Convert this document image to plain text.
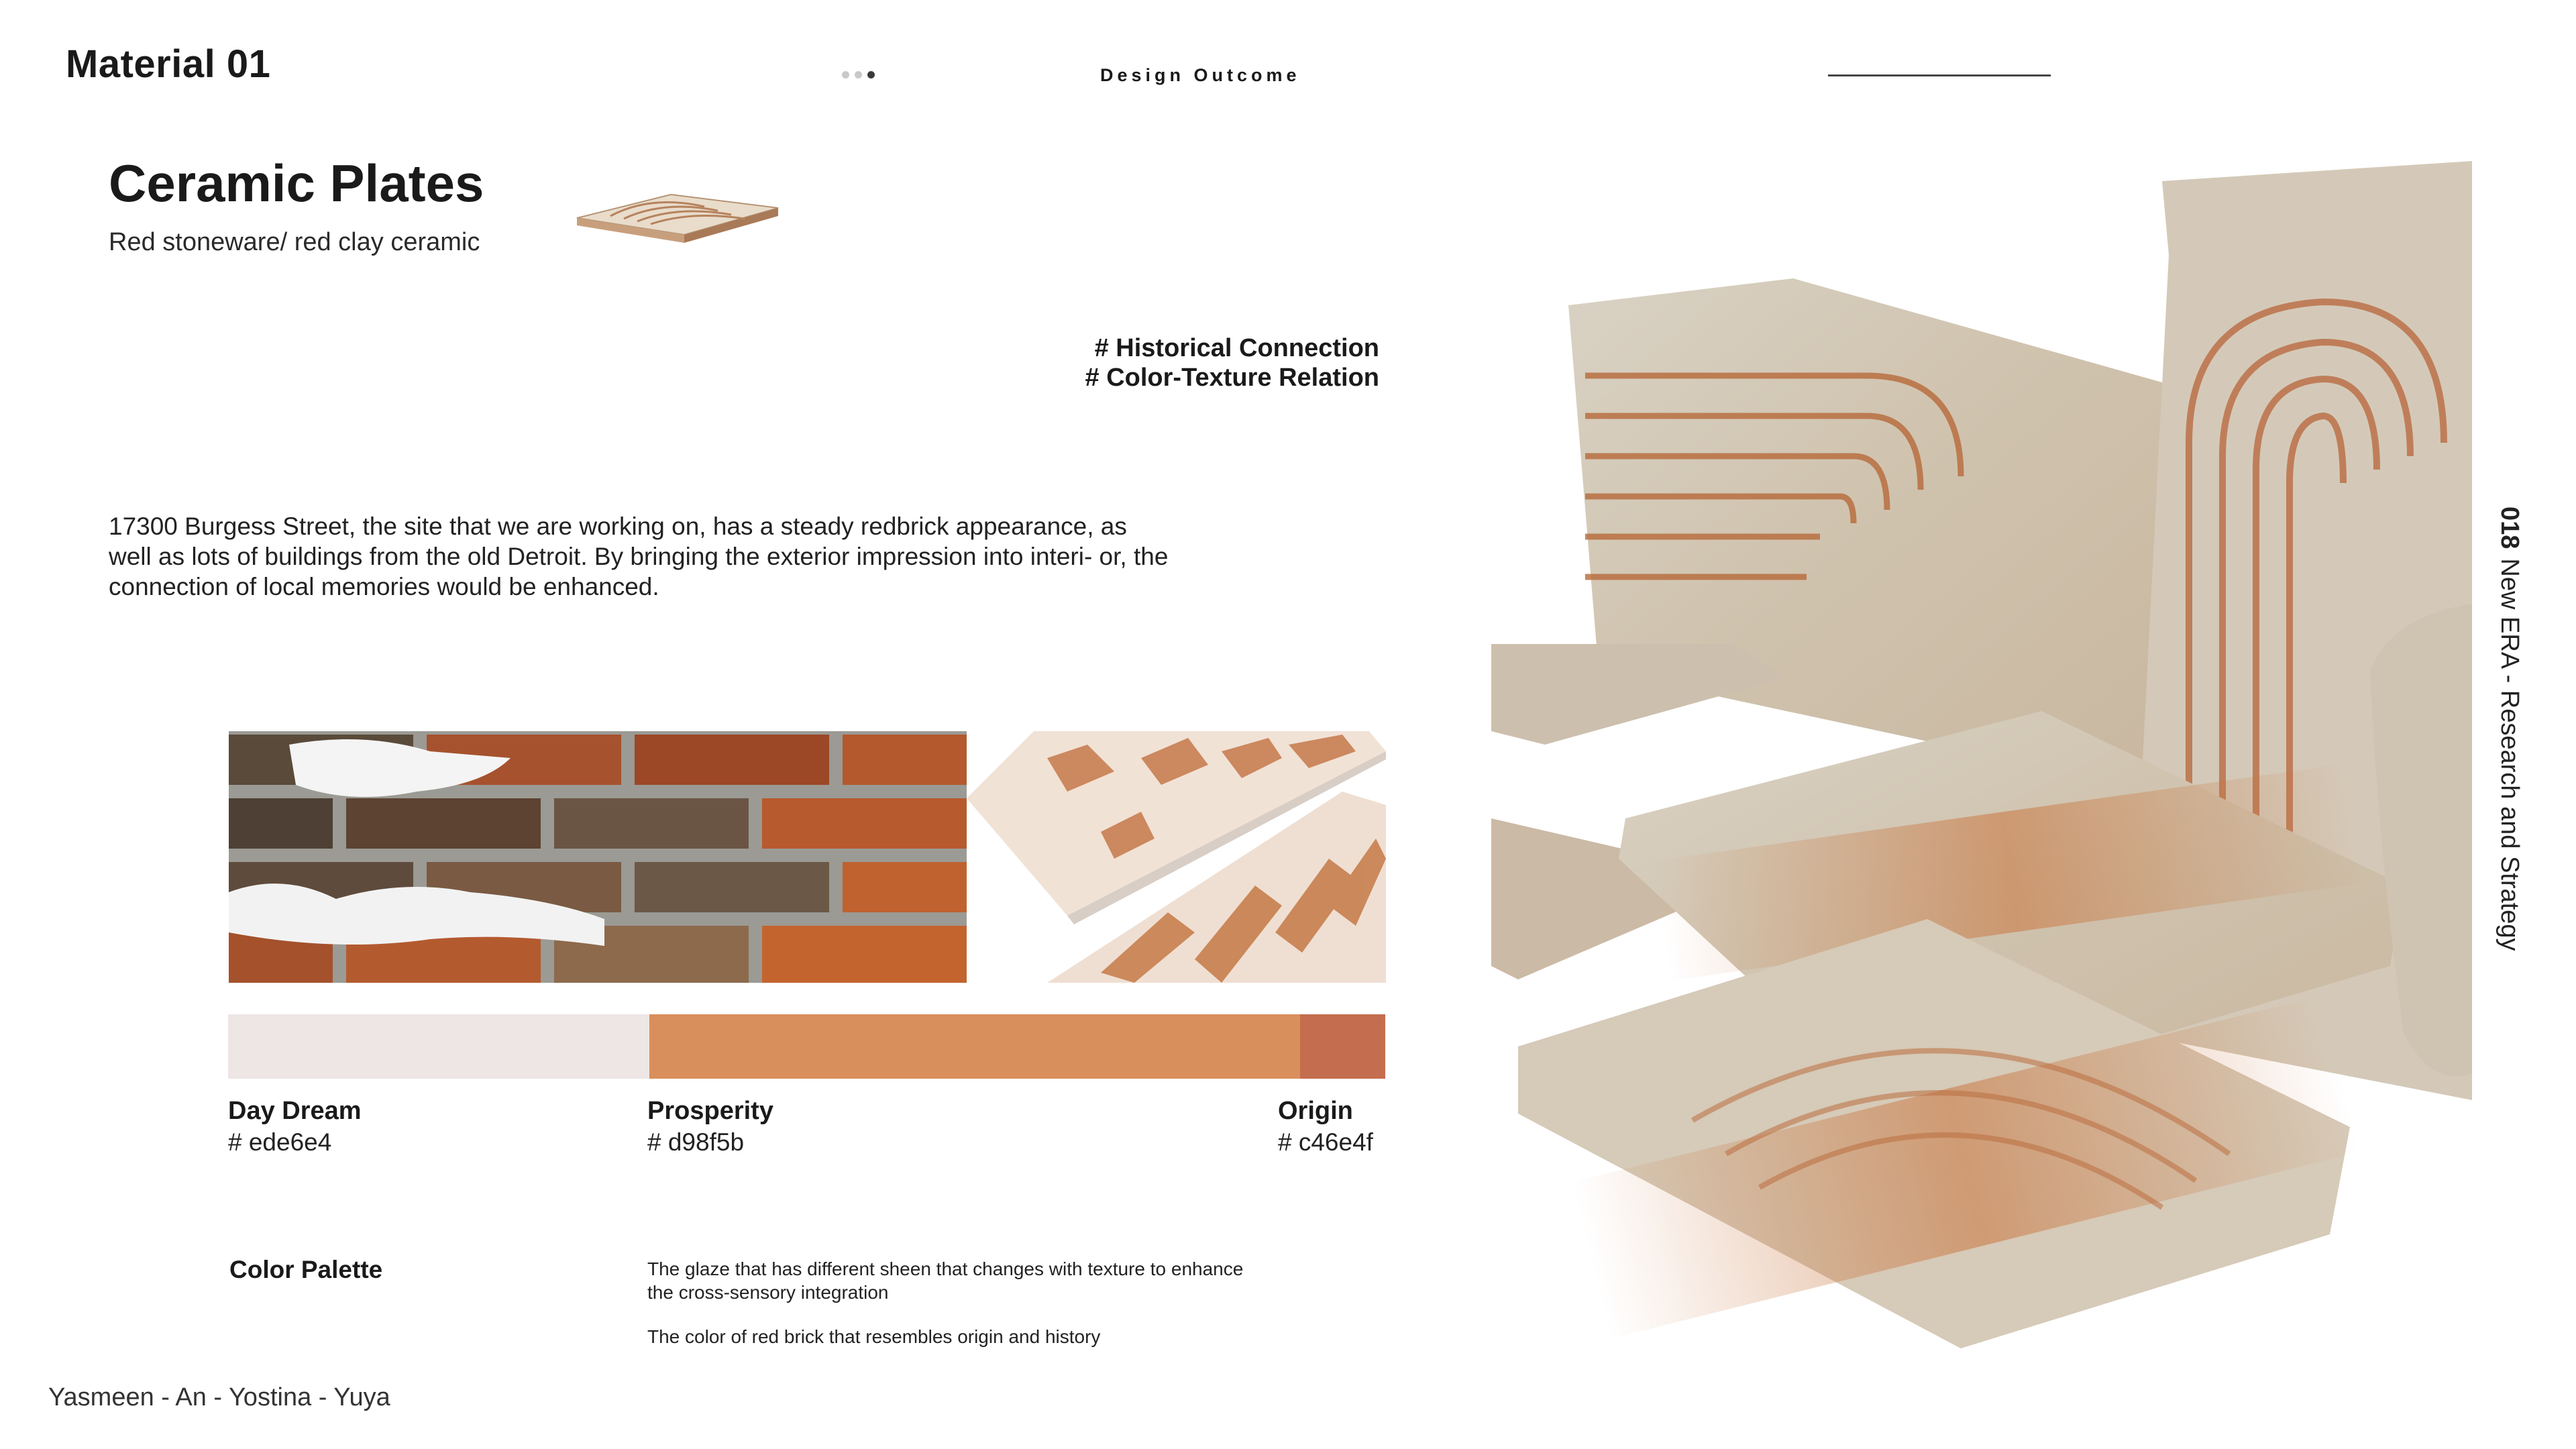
Material 01	Design Outcome
Ceramic Plates
Red stoneware/ red clay ceramic
# Historical Connection
# Color-Texture Relation
17300 Burgess Street, the site that we are working on, has a steady redbrick appearance, as well as lots of buildings from the old Detroit. By bringing the exterior impression into interi- or, the connection of local memories would be enhanced.
Day Dream
# ede6e4
Prosperity
# d98f5b
Origin
# c46e4f
Color Palette	The glaze that has different sheen that changes with texture to enhance the cross-sensory integration
The color of red brick that resembles origin and history
Yasmeen - An - Yostina - Yuya
018New ERA - Research and Strategy
